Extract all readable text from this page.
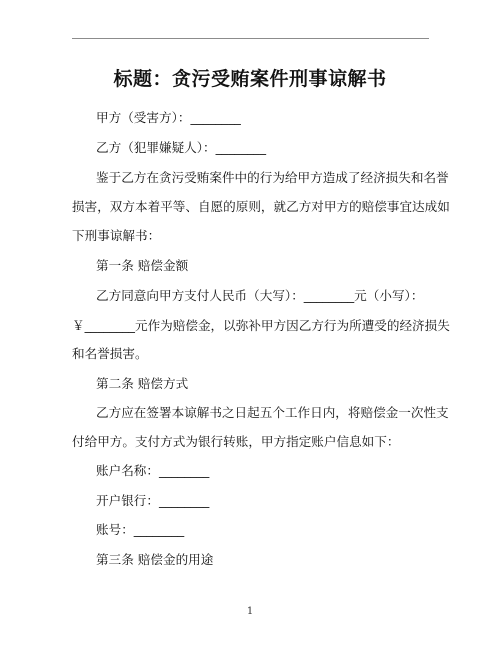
标题：贪污受贿案件刑事谅解书
甲方（受害方）：________
乙方（犯罪嫌疑人）：________
鉴于乙方在贪污受贿案件中的行为给甲方造成了经济损失和名誉
损害，双方本着平等、自愿的原则，就乙方对甲方的赔偿事宜达成如
下刑事谅解书：
第一条 赔偿金额
乙方同意向甲方支付人民币（大写）：________元（小写）：
￥________元作为赔偿金，以弥补甲方因乙方行为所遭受的经济损失
和名誉损害。
第二条 赔偿方式
乙方应在签署本谅解书之日起五个工作日内，将赔偿金一次性支
付给甲方。支付方式为银行转账，甲方指定账户信息如下：
账户名称：________
开户银行：________
账号：________
第三条 赔偿金的用途
1
